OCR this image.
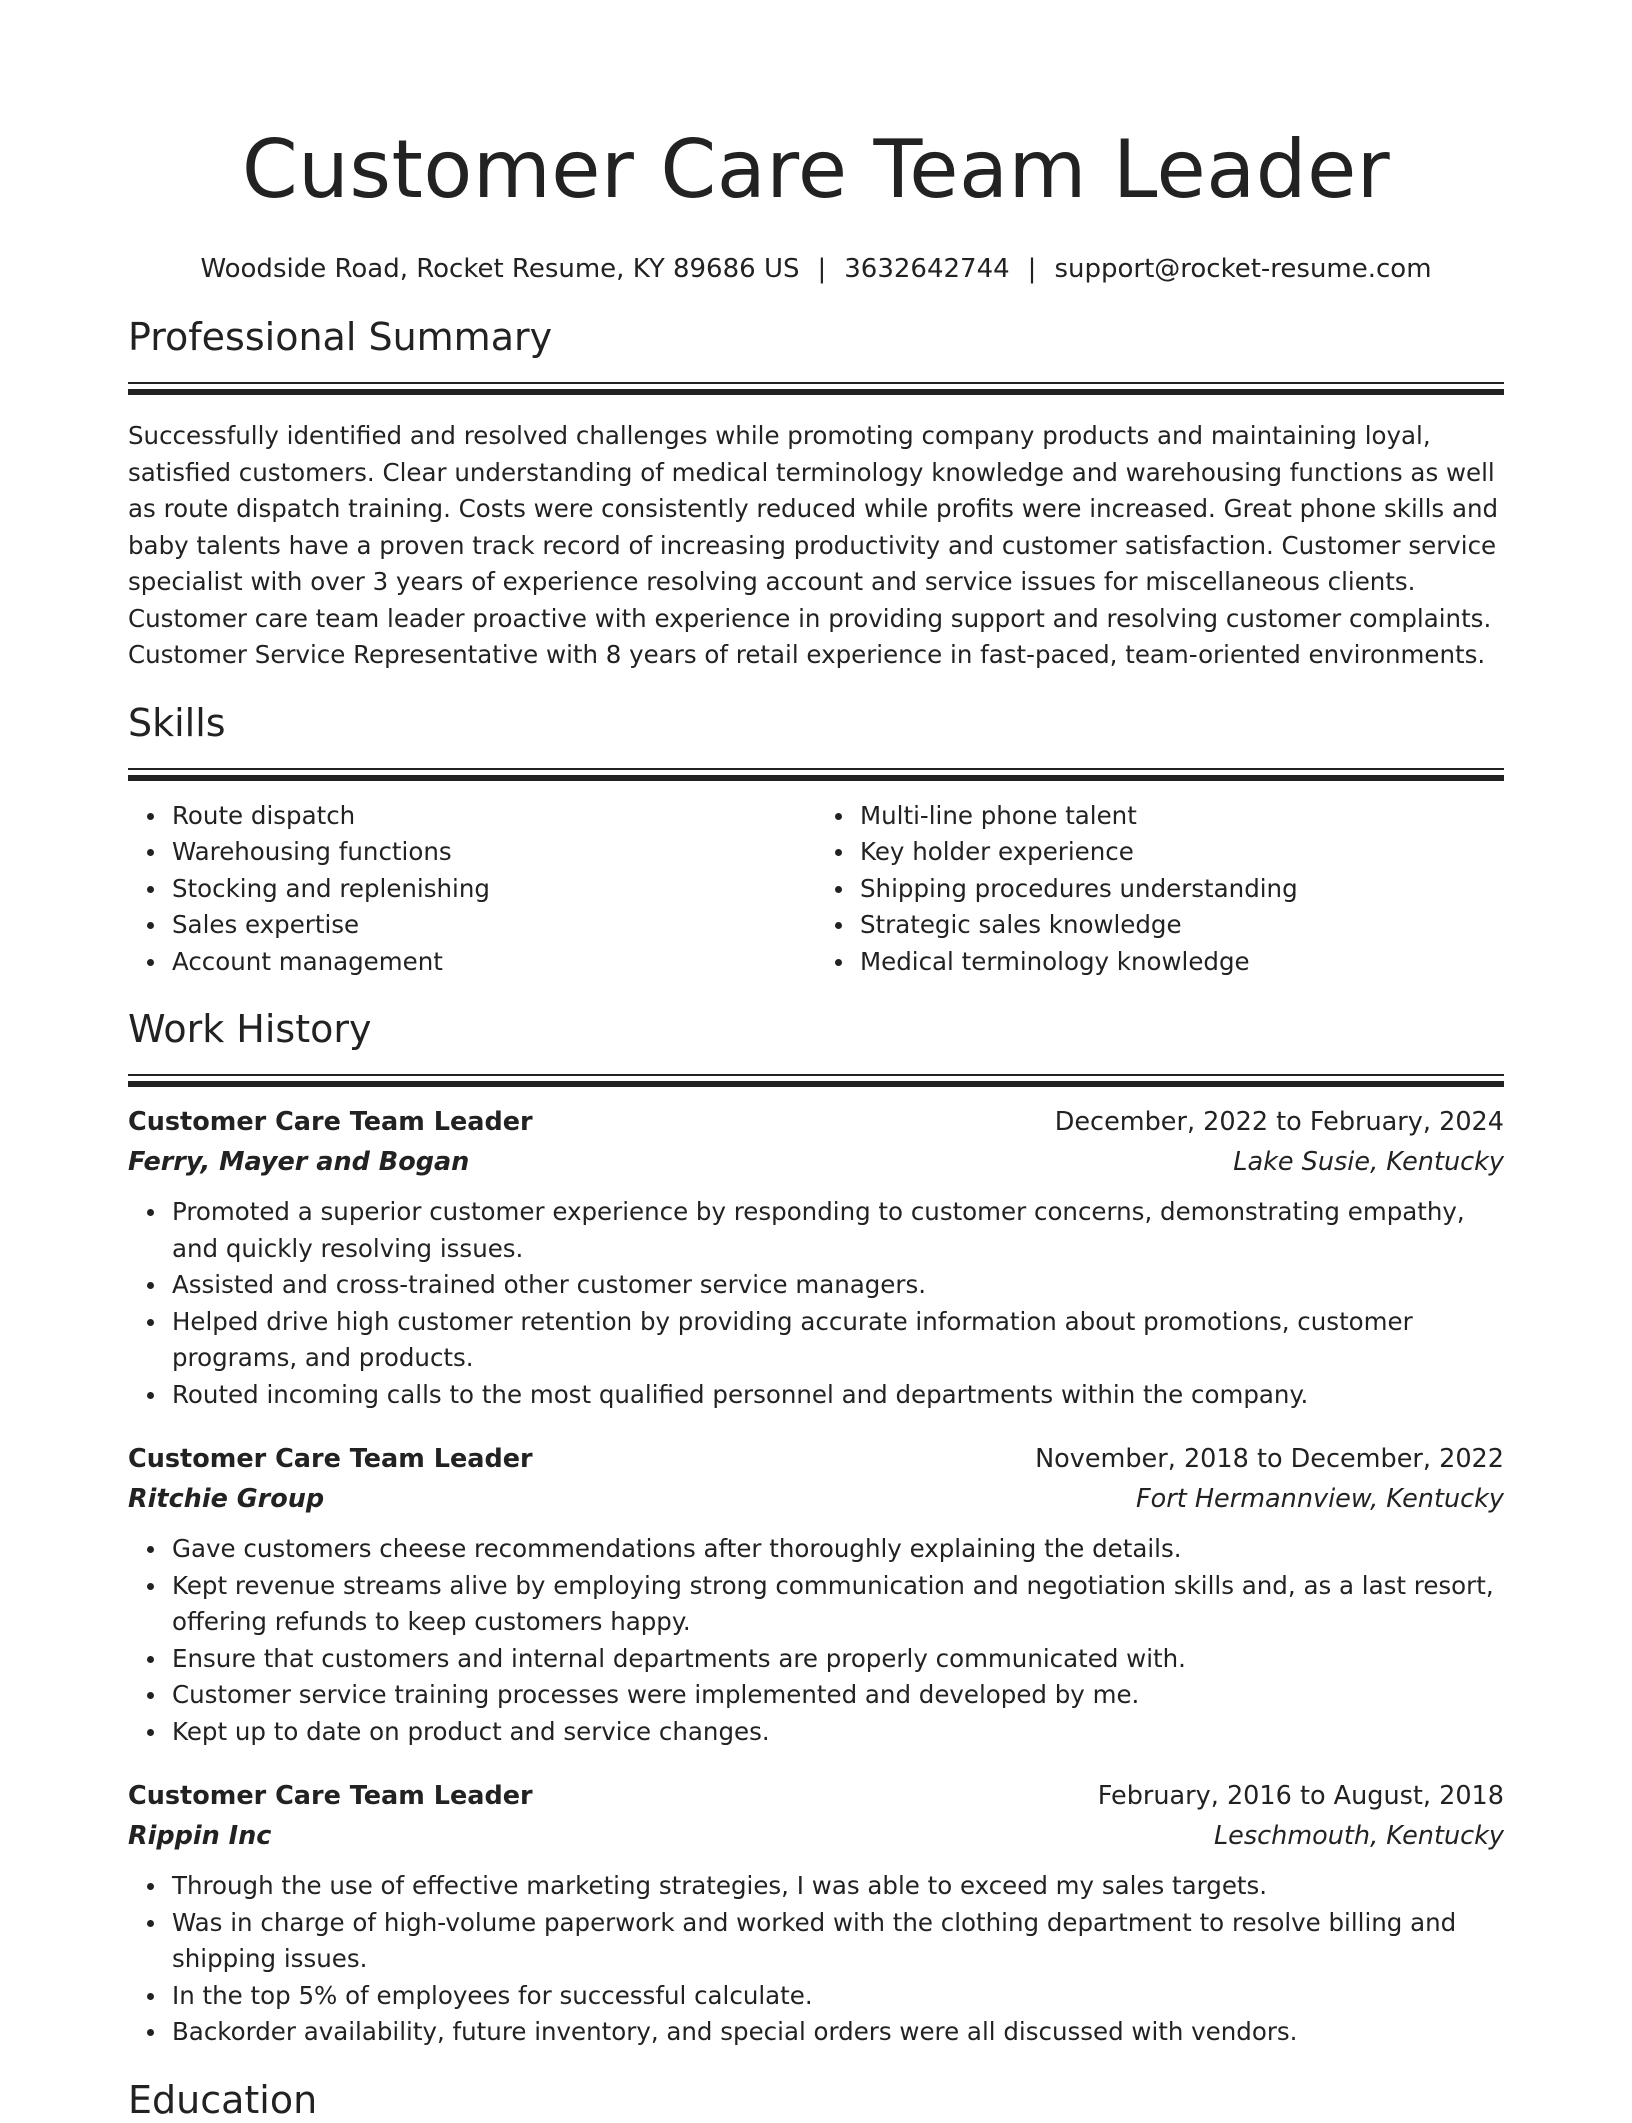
Customer Care Team Leader
Woodside Road, Rocket Resume, KY 89686 US | 3632642744 | support@rocket-resume.com
Professional Summary

Successfully identified and resolved challenges while promoting company products and maintaining loyal, satisfied customers. Clear understanding of medical terminology knowledge and warehousing functions as well as route dispatch training. Costs were consistently reduced while profits were increased. Great phone skills and baby talents have a proven track record of increasing productivity and customer satisfaction. Customer service specialist with over 3 years of experience resolving account and service issues for miscellaneous clients. Customer care team leader proactive with experience in providing support and resolving customer complaints. Customer Service Representative with 8 years of retail experience in fast-paced, team-oriented environments.

Skills
Route dispatch
Warehousing functions
Stocking and replenishing
Sales expertise
Account management
Multi-line phone talent
Key holder experience
Shipping procedures understanding
Strategic sales knowledge
Medical terminology knowledge
Work History
Customer Care Team Leader	December, 2022 to February, 2024
Ferry, Mayer and Bogan	Lake Susie, Kentucky
Promoted a superior customer experience by responding to customer concerns, demonstrating empathy, and quickly resolving issues.
Assisted and cross-trained other customer service managers.
Helped drive high customer retention by providing accurate information about promotions, customer programs, and products.
Routed incoming calls to the most qualified personnel and departments within the company.
Customer Care Team Leader	November, 2018 to December, 2022
Ritchie Group	Fort Hermannview, Kentucky
Gave customers cheese recommendations after thoroughly explaining the details.
Kept revenue streams alive by employing strong communication and negotiation skills and, as a last resort, offering refunds to keep customers happy.
Ensure that customers and internal departments are properly communicated with.
Customer service training processes were implemented and developed by me.
Kept up to date on product and service changes.
Customer Care Team Leader	February, 2016 to August, 2018
Rippin Inc	Leschmouth, Kentucky
Through the use of effective marketing strategies, I was able to exceed my sales targets.
Was in charge of high-volume paperwork and worked with the clothing department to resolve billing and shipping issues.
In the top 5% of employees for successful calculate.
Backorder availability, future inventory, and special orders were all discussed with vendors.
Education
